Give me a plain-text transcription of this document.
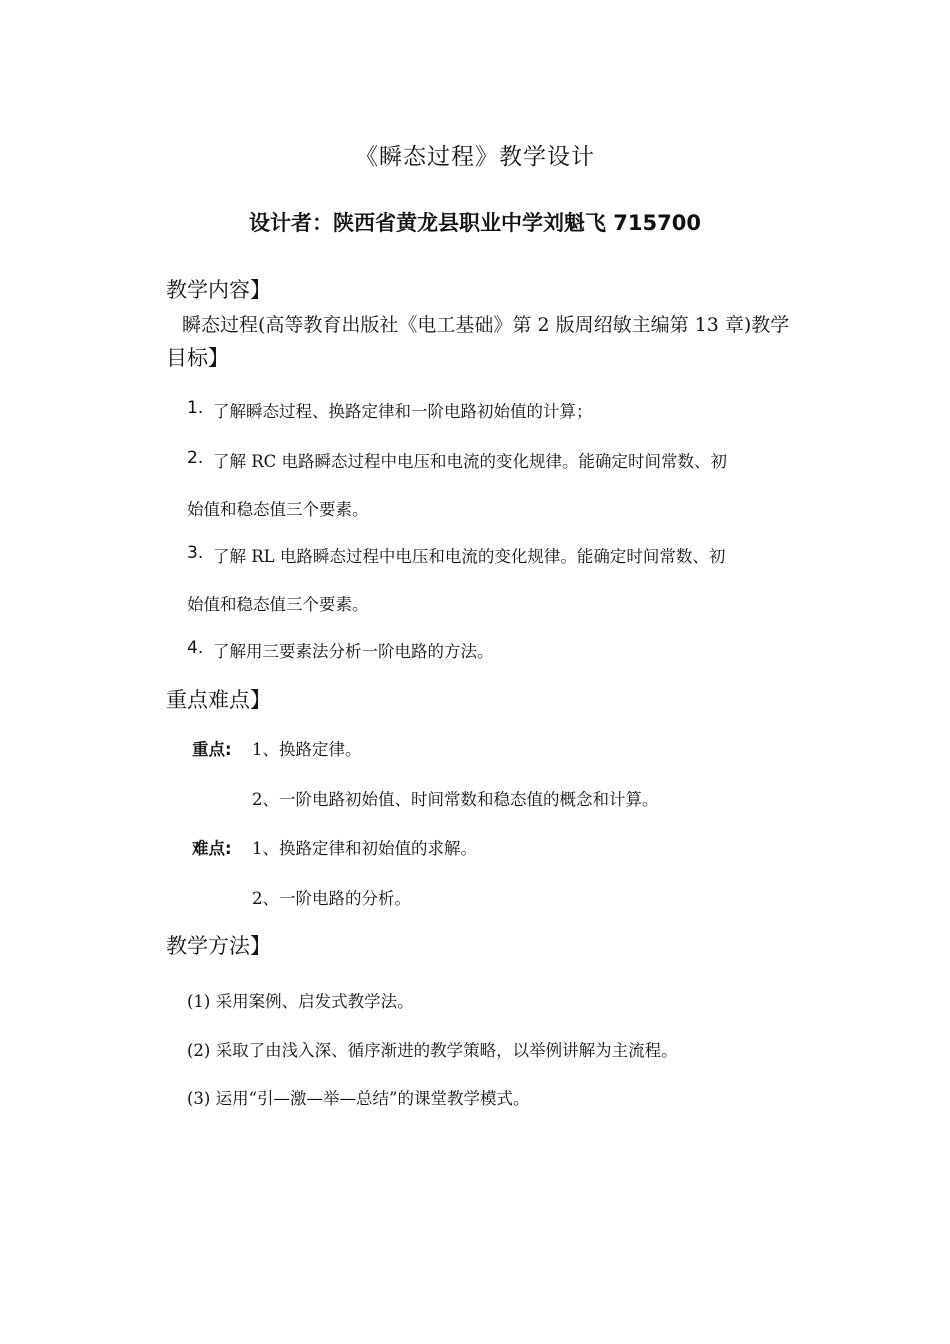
《瞬态过程》教学设计
设计者：陕西省黄龙县职业中学刘魁飞 715700
教学内容】
瞬态过程(高等教育出版社《电工基础》第 2 版周绍敏主编第 13 章)教学
目标】
1. 了解瞬态过程、换路定律和一阶电路初始值的计算；
2. 了解 RC 电路瞬态过程中电压和电流的变化规律。能确定时间常数、初
始值和稳态值三个要素。
3. 了解 RL 电路瞬态过程中电压和电流的变化规律。能确定时间常数、初
始值和稳态值三个要素。
4. 了解用三要素法分析一阶电路的方法。
重点难点】
重点: 1、换路定律。
2、一阶电路初始值、时间常数和稳态值的概念和计算。
难点: 1、换路定律和初始值的求解。
2、一阶电路的分析。
教学方法】
(1) 采用案例、启发式教学法。
(2) 采取了由浅入深、循序渐进的教学策略，以举例讲解为主流程。
(3) 运用“引—激—举—总结”的课堂教学模式。
